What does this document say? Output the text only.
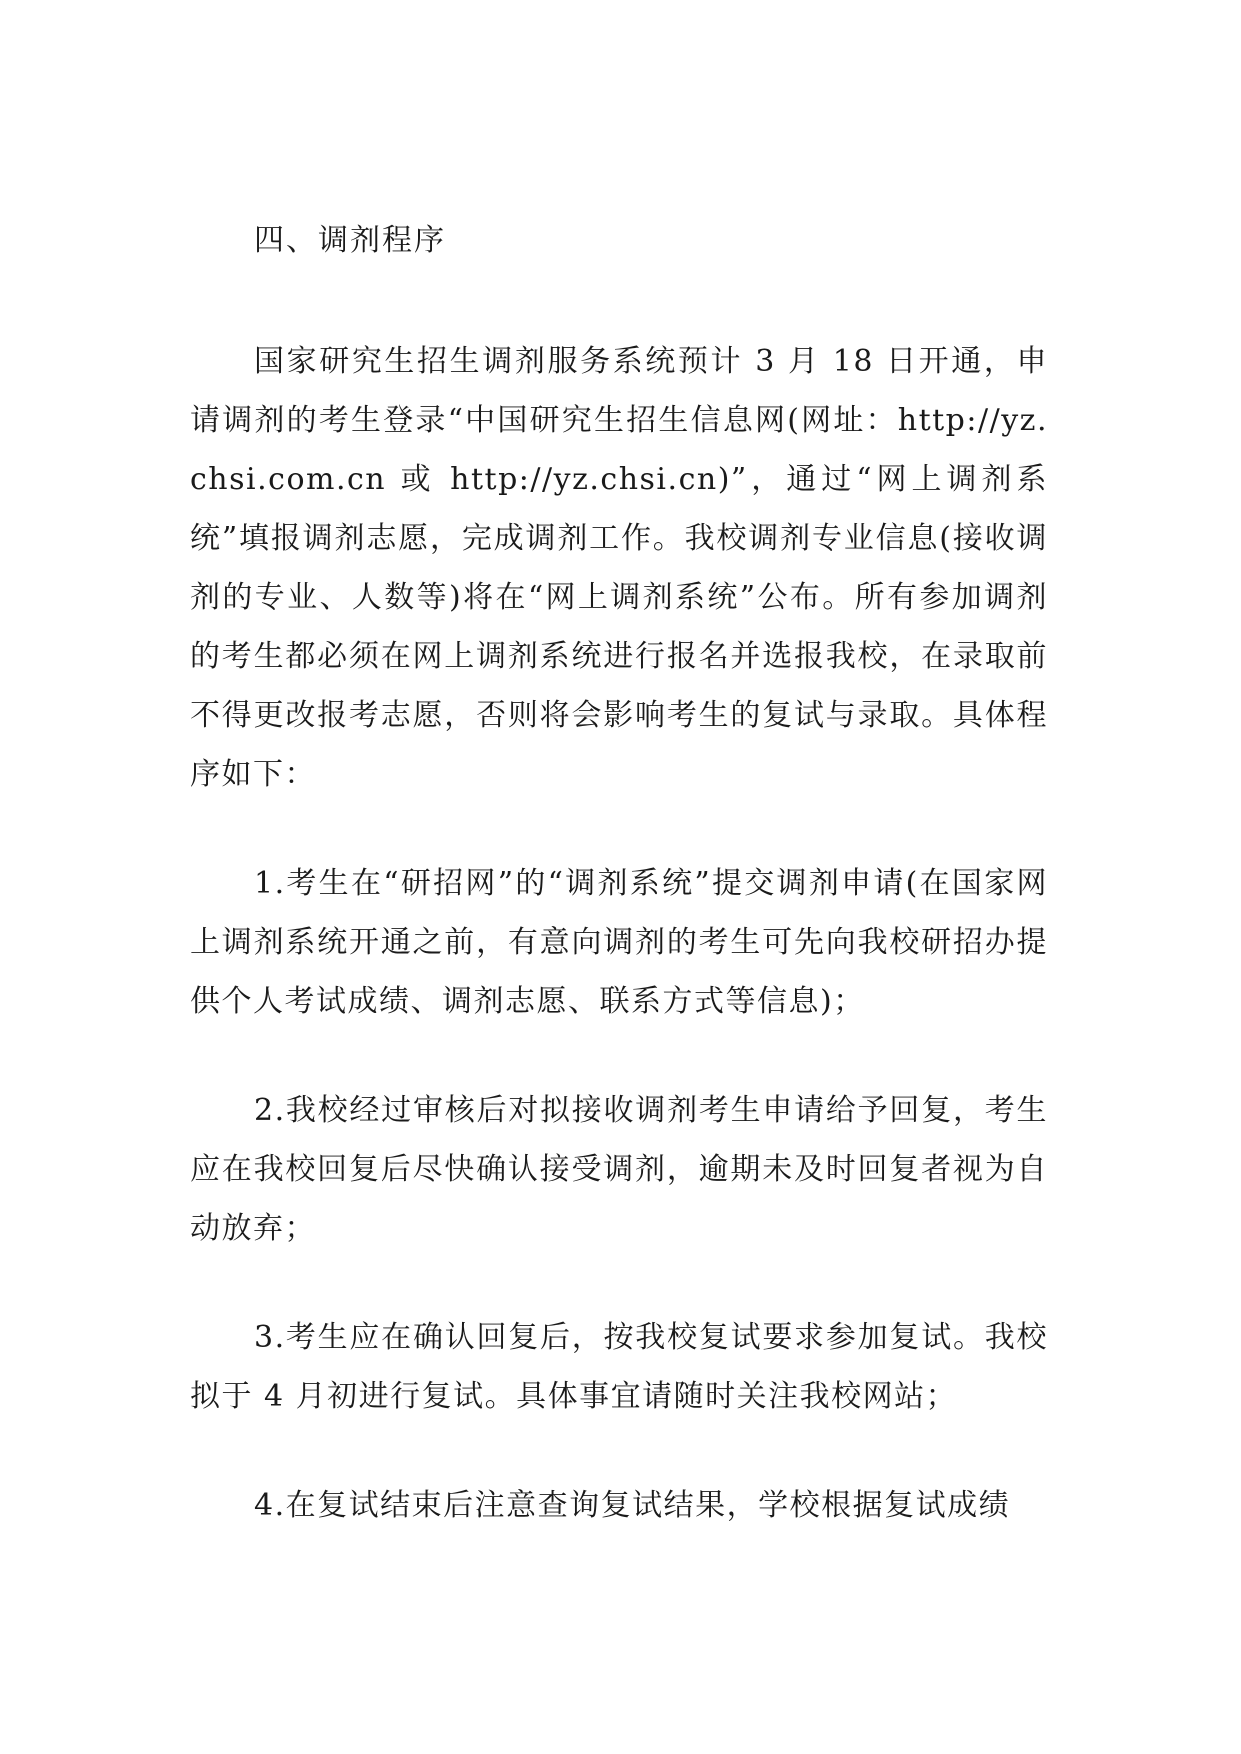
四、调剂程序

国家研究生招生调剂服务系统预计 3 月 18 日开通，申请调剂的考生登录“中国研究生招生信息网(网址：http://yz.chsi.com.cn 或 http://yz.chsi.cn)”，通过“网上调剂系统”填报调剂志愿，完成调剂工作。我校调剂专业信息(接收调剂的专业、人数等)将在“网上调剂系统”公布。所有参加调剂的考生都必须在网上调剂系统进行报名并选报我校，在录取前不得更改报考志愿，否则将会影响考生的复试与录取。具体程序如下：

1.考生在“研招网”的“调剂系统”提交调剂申请(在国家网上调剂系统开通之前，有意向调剂的考生可先向我校研招办提供个人考试成绩、调剂志愿、联系方式等信息)；

2.我校经过审核后对拟接收调剂考生申请给予回复，考生应在我校回复后尽快确认接受调剂，逾期未及时回复者视为自动放弃；

3.考生应在确认回复后，按我校复试要求参加复试。我校拟于 4 月初进行复试。具体事宜请随时关注我校网站；

4.在复试结束后注意查询复试结果，学校根据复试成绩
